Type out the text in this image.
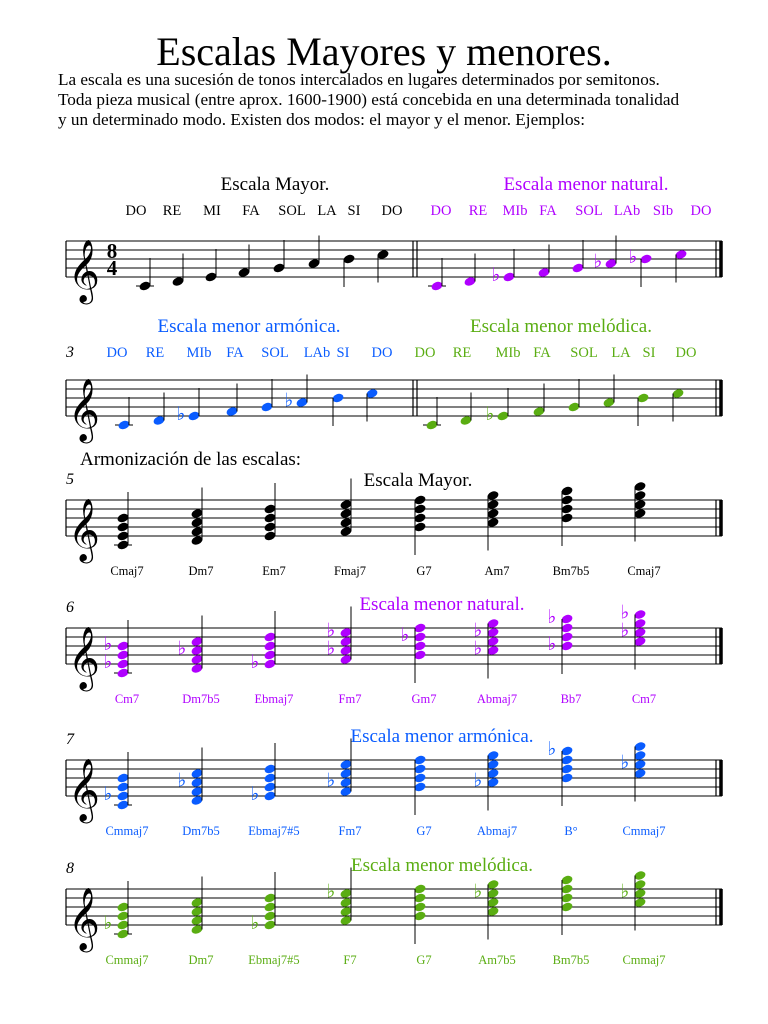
Escalas Mayores y menores.
La escala es una sucesión de tonos intercalados en lugares determinados por semitonos.
Toda pieza musical (entre aprox. 1600-1900) está concebida en una determinada tonalidad
y un determinado modo. Existen dos modos: el mayor y el menor. Ejemplos:
𝄞 8
4
Escala Mayor.
DO RE MI FA SOL LA SI DO
Escala menor natural.
DO RE MIb FA SOL LAb SIb DO
♭
♭ ♭
𝄞
3
Escala menor armónica.
DO RE MIb FA SOL LAb SI DO
♭
♭
Escala menor melódica.
DO RE MIb FA SOL LA SI DO
♭
Armonización de las escalas:
𝄞
5	Escala Mayor.
Cmaj7	Dm7	Em7	Fmaj7	G7	Am7	Bm7b5	Cmaj7
𝄞
6	Escala menor natural.
♭
♭
Cm7
♭
Dm7b5
♭
Ebmaj7
♭
♭
Fm7
♭
Gm7
♭
♭
Abmaj7
♭
♭
Bb7
♭
♭
Cm7
𝄞
7	Escala menor armónica.
♭
Cmmaj7
♭
Dm7b5
♭
Ebmaj7#5
♭
Fm7	G7
♭
Abmaj7
♭
B°
♭
Cmmaj7
𝄞
8	Escala menor melódica.
♭
Cmmaj7	Dm7
♭
Ebmaj7#5
♭
F7	G7
♭
Am7b5	Bm7b5
♭
Cmmaj7
